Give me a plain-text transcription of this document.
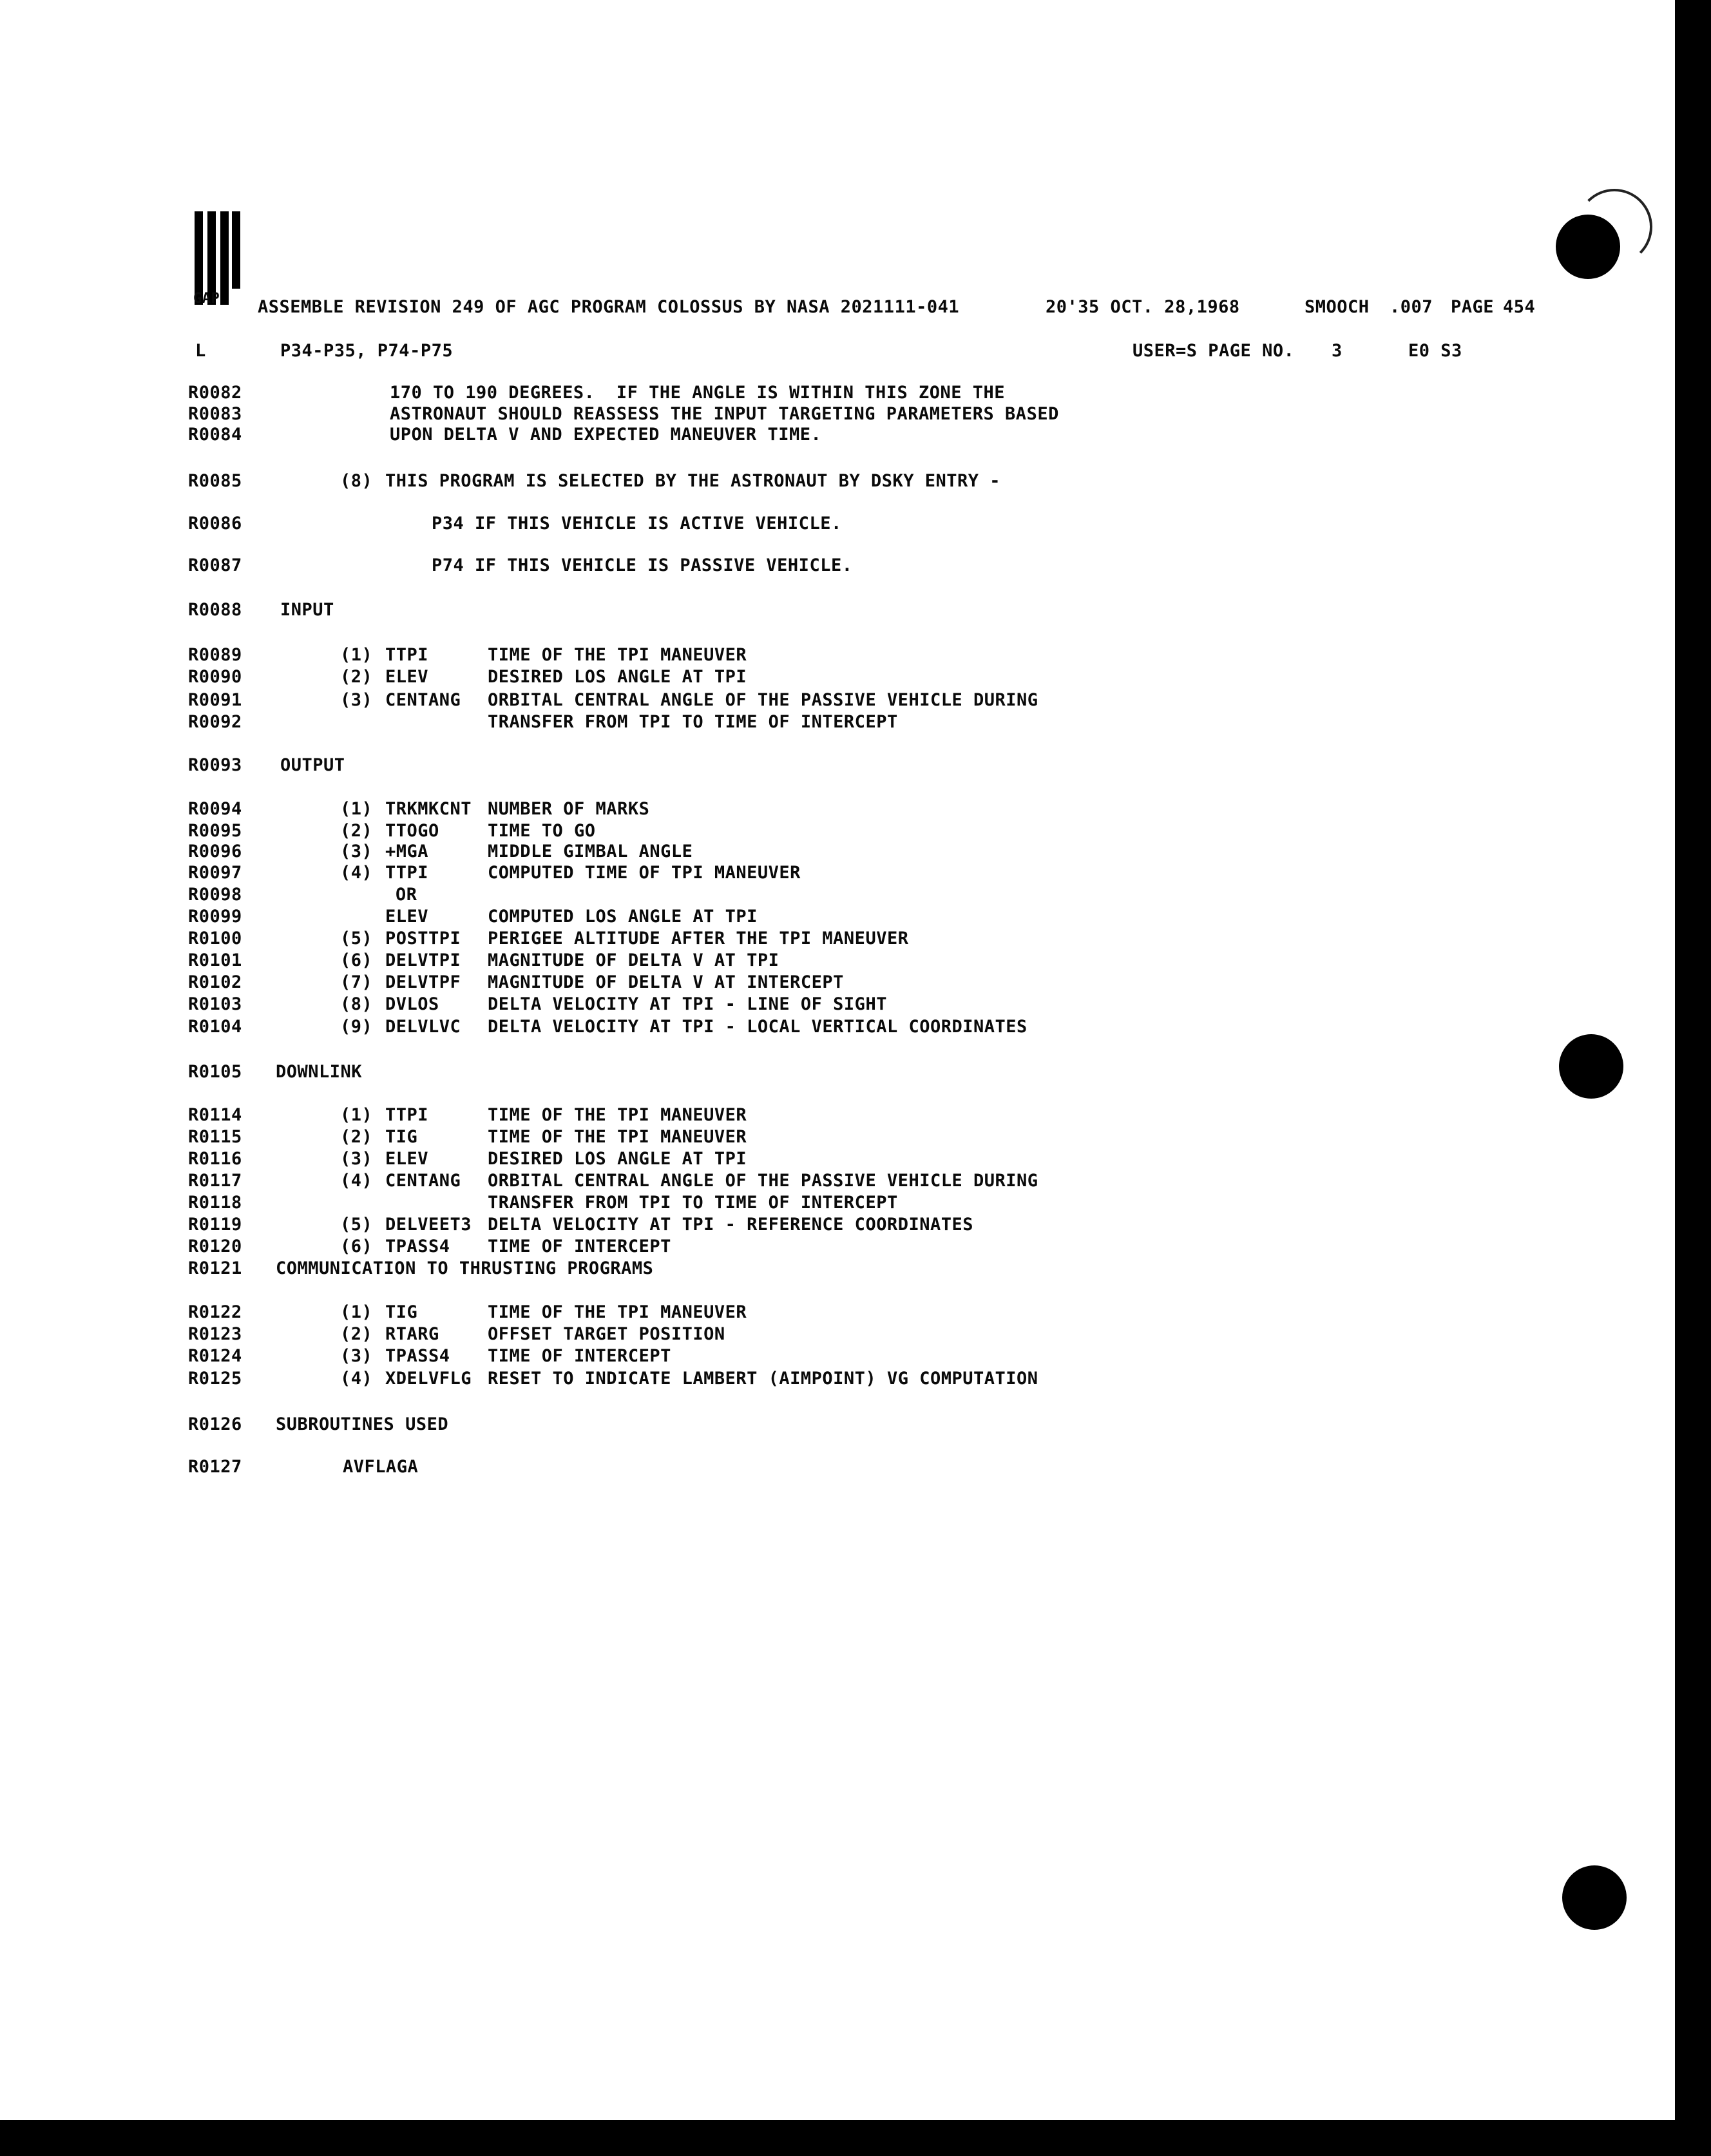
GAP ASSEMBLE REVISION 249 OF AGC PROGRAM COLOSSUS BY NASA 2021111-041	20'35 OCT. 28,1968	SMOOCH .007 PAGE 454
L	P34-P35, P74-P75	USER=S PAGE NO. 3	E0 S3
R0082	170 TO 190 DEGREES.  IF THE ANGLE IS WITHIN THIS ZONE THE
R0083	ASTRONAUT SHOULD REASSESS THE INPUT TARGETING PARAMETERS BASED
R0084	UPON DELTA V AND EXPECTED MANEUVER TIME.
R0085	(8) THIS PROGRAM IS SELECTED BY THE ASTRONAUT BY DSKY ENTRY -
R0086	P34 IF THIS VEHICLE IS ACTIVE VEHICLE.
R0087	P74 IF THIS VEHICLE IS PASSIVE VEHICLE.
R0088 INPUT
R0089	(1) TTPI	TIME OF THE TPI MANEUVER
R0090	(2) ELEV	DESIRED LOS ANGLE AT TPI
R0091	(3) CENTANG ORBITAL CENTRAL ANGLE OF THE PASSIVE VEHICLE DURING
R0092	TRANSFER FROM TPI TO TIME OF INTERCEPT
R0093 OUTPUT
R0094	(1) TRKMKCNT NUMBER OF MARKS
R0095	(2) TTOGO	TIME TO GO
R0096	(3) +MGA	MIDDLE GIMBAL ANGLE
R0097	(4) TTPI	COMPUTED TIME OF TPI MANEUVER
R0098	OR
R0099	ELEV	COMPUTED LOS ANGLE AT TPI
R0100	(5) POSTTPI PERIGEE ALTITUDE AFTER THE TPI MANEUVER
R0101	(6) DELVTPI MAGNITUDE OF DELTA V AT TPI
R0102	(7) DELVTPF MAGNITUDE OF DELTA V AT INTERCEPT
R0103	(8) DVLOS	DELTA VELOCITY AT TPI - LINE OF SIGHT
R0104	(9) DELVLVC DELTA VELOCITY AT TPI - LOCAL VERTICAL COORDINATES
R0105 DOWNLINK
R0114	(1) TTPI	TIME OF THE TPI MANEUVER
R0115	(2) TIG	TIME OF THE TPI MANEUVER
R0116	(3) ELEV	DESIRED LOS ANGLE AT TPI
R0117	(4) CENTANG ORBITAL CENTRAL ANGLE OF THE PASSIVE VEHICLE DURING
R0118	TRANSFER FROM TPI TO TIME OF INTERCEPT
R0119	(5) DELVEET3 DELTA VELOCITY AT TPI - REFERENCE COORDINATES
R0120	(6) TPASS4 TIME OF INTERCEPT
R0121 COMMUNICATION TO THRUSTING PROGRAMS
R0122	(1) TIG	TIME OF THE TPI MANEUVER
R0123	(2) RTARG	OFFSET TARGET POSITION
R0124	(3) TPASS4 TIME OF INTERCEPT
R0125	(4) XDELVFLG RESET TO INDICATE LAMBERT (AIMPOINT) VG COMPUTATION
R0126 SUBROUTINES USED
R0127	AVFLAGA
